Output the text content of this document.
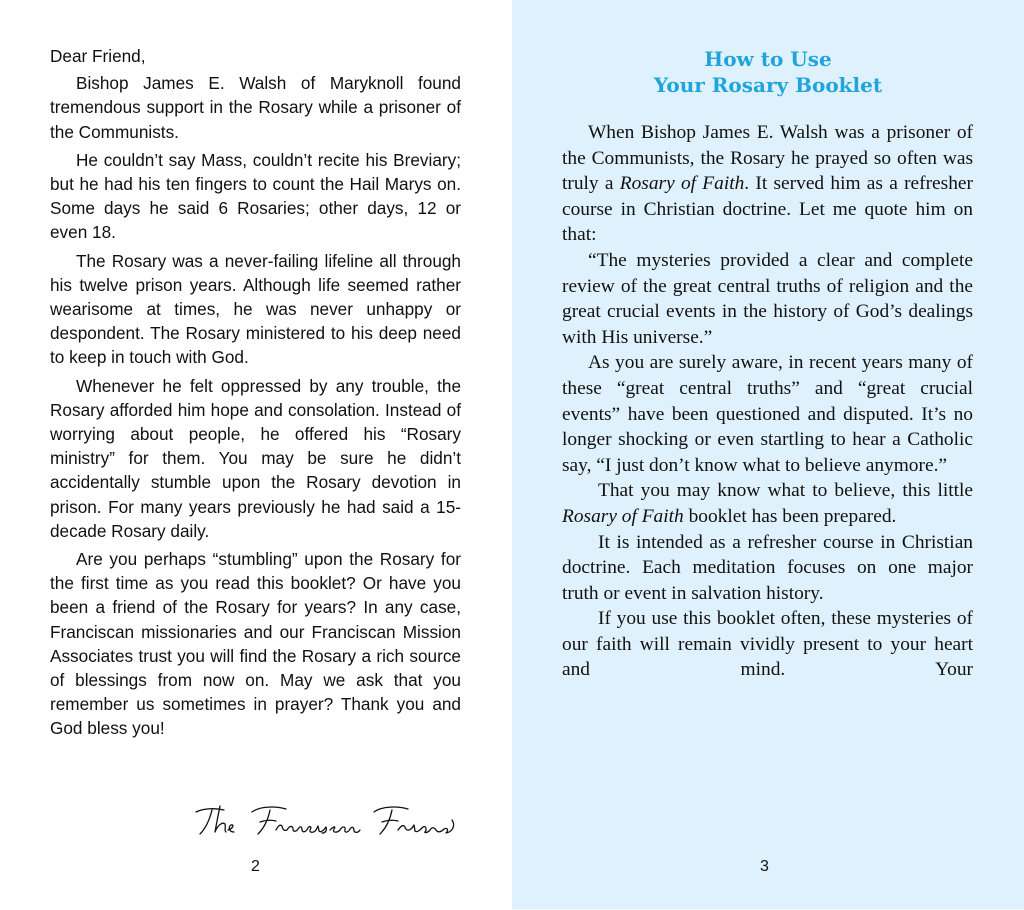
Dear Friend,

Bishop James E. Walsh of Maryknoll found tremendous support in the Rosary while a prisoner of the Communists.

He couldn’t say Mass, couldn’t recite his Breviary; but he had his ten fingers to count the Hail Marys on. Some days he said 6 Rosaries; other days, 12 or even 18.

The Rosary was a never-failing lifeline all through his twelve prison years. Although life seemed rather wearisome at times, he was never unhappy or despondent. The Rosary ministered to his deep need to keep in touch with God.

Whenever he felt oppressed by any trouble, the Rosary afforded him hope and consolation. Instead of worrying about people, he offered his “Rosary ministry” for them. You may be sure he didn’t accidentally stumble upon the Rosary devotion in prison. For many years previously he had said a 15-decade Rosary daily.

Are you perhaps “stumbling” upon the Rosary for the first time as you read this booklet? Or have you been a friend of the Rosary for years? In any case, Franciscan missionaries and our Franciscan Mission Associates trust you will find the Rosary a rich source of blessings from now on. May we ask that you remember us sometimes in prayer? Thank you and God bless you!

2
How to Use
Your Rosary Booklet

When Bishop James E. Walsh was a prisoner of the Communists, the Rosary he prayed so often was truly a Rosary of Faith. It served him as a refresher course in Christian doctrine. Let me quote him on that:

“The mysteries provided a clear and complete review of the great central truths of religion and the great crucial events in the history of God’s dealings with His universe.”

As you are surely aware, in recent years many of these “great central truths” and “great crucial events” have been questioned and disputed. It’s no longer shocking or even startling to hear a Catholic say, “I just don’t know what to believe anymore.”

That you may know what to believe, this little Rosary of Faith booklet has been prepared.

It is intended as a refresher course in Christian doctrine. Each meditation focuses on one major truth or event in salvation history.

If you use this booklet often, these mysteries of our faith will remain vividly present to your heart and mind. Your

3
